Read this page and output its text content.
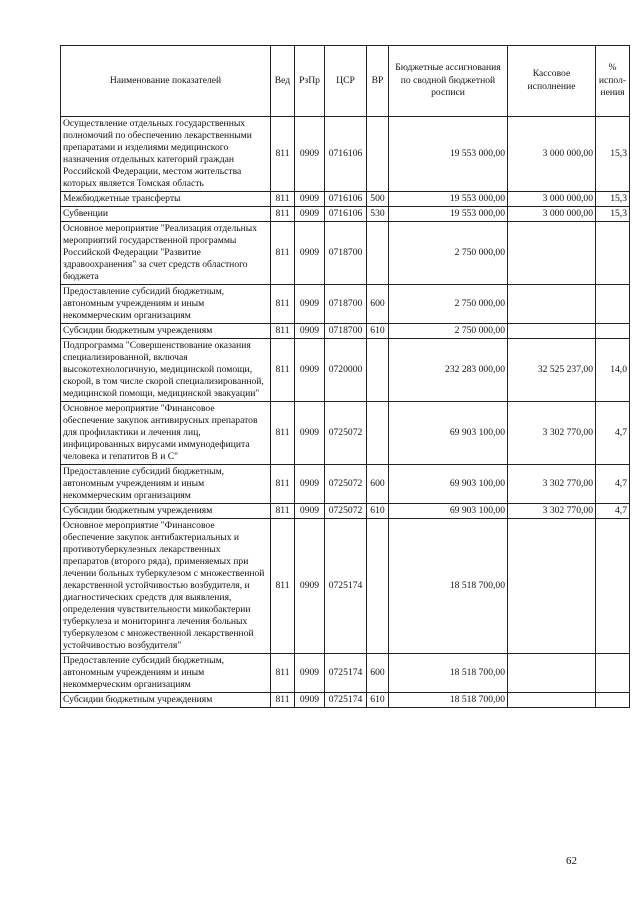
Наименование показателей	Вед	РзПр	ЦСР	ВР	Бюджетные ассигнования по сводной бюджетной росписи	Кассовое исполнение	% испол-нения
Осуществление отдельных государственных полномочий по обеспечению лекарственными препаратами и изделиями медицинского назначения отдельных категорий граждан Российской Федерации, местом жительства которых является Томская область	811	0909	0716106		19 553 000,00	3 000 000,00	15,3
Межбюджетные трансферты	811	0909	0716106	500	19 553 000,00	3 000 000,00	15,3
Субвенции	811	0909	0716106	530	19 553 000,00	3 000 000,00	15,3
Основное мероприятие "Реализация отдельных мероприятий государственной программы Российской Федерации "Развитие здравоохранения" за счет средств областного бюджета	811	0909	0718700		2 750 000,00		
Предоставление субсидий бюджетным, автономным учреждениям и иным некоммерческим организациям	811	0909	0718700	600	2 750 000,00		
Субсидии бюджетным учреждениям	811	0909	0718700	610	2 750 000,00		
Подпрограмма "Совершенствование оказания специализированной, включая высокотехнологичную, медицинской помощи, скорой, в том числе скорой специализированной, медицинской помощи, медицинской эвакуации"	811	0909	0720000		232 283 000,00	32 525 237,00	14,0
Основное мероприятие "Финансовое обеспечение закупок антивирусных препаратов для профилактики и лечения лиц, инфицированных вирусами иммунодефицита человека и гепатитов B и C"	811	0909	0725072		69 903 100,00	3 302 770,00	4,7
Предоставление субсидий бюджетным, автономным учреждениям и иным некоммерческим организациям	811	0909	0725072	600	69 903 100,00	3 302 770,00	4,7
Субсидии бюджетным учреждениям	811	0909	0725072	610	69 903 100,00	3 302 770,00	4,7
Основное мероприятие "Финансовое обеспечение закупок антибактериальных и противотуберкулезных лекарственных препаратов (второго ряда), применяемых при лечении больных туберкулезом с множественной лекарственной устойчивостью возбудителя, и диагностических средств для выявления, определения чувствительности микобактерии туберкулеза и мониторинга лечения больных туберкулезом с множественной лекарственной устойчивостью возбудителя"	811	0909	0725174		18 518 700,00		
Предоставление субсидий бюджетным, автономным учреждениям и иным некоммерческим организациям	811	0909	0725174	600	18 518 700,00		
Субсидии бюджетным учреждениям	811	0909	0725174	610	18 518 700,00		
62
